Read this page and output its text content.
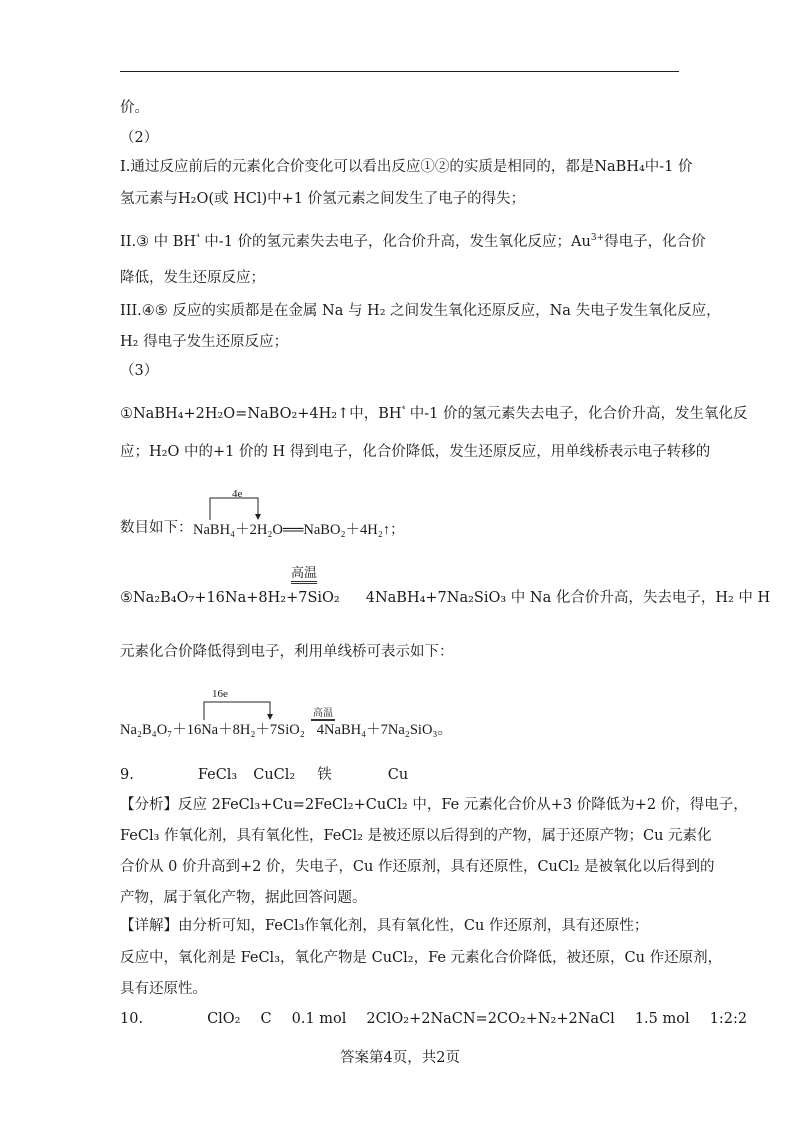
价。
（2）
I.通过反应前后的元素化合价变化可以看出反应①②的实质是相同的，都是NaBH₄中-1 价
氢元素与H₂O(或 HCl)中+1 价氢元素之间发生了电子的得失；
II.③ 中 $BH^{^4}$ 中-1 价的氢元素失去电子，化合价升高，发生氧化反应；$Au^{3+}$得电子，化合价
降低，发生还原反应；
III.④⑤ 反应的实质都是在金属 Na 与 H₂ 之间发生氧化还原反应，Na 失电子发生氧化反应，
H₂ 得电子发生还原反应；
（3）
①NaBH₄+2H₂O=NaBO₂+4H₂↑中，$BH^{^4}$ 中-1 价的氢元素失去电子，化合价升高，发生氧化反
应；H₂O 中的+1 价的 H 得到电子，化合价降低，发生还原反应，用单线桥表示电子转移的
数目如下：
4e
NaBH₄＋2H₂O══NaBO₂＋4H₂↑；
高温
⑤Na₂B₄O₇+16Na+8H₂+7SiO₂ 4NaBH₄+7Na₂SiO₃ 中 Na 化合价升高，失去电子，H₂ 中 H
元素化合价降低得到电子，利用单线桥可表示如下：
16e
高温
Na₂B₄O₇＋16Na＋8H₂＋7SiO₂ 4NaBH₄＋7Na₂SiO₃。
9.	FeCl₃ CuCl₂ 铁	Cu
【分析】反应 2FeCl₃+Cu=2FeCl₂+CuCl₂ 中，Fe 元素化合价从+3 价降低为+2 价，得电子，
FeCl₃ 作氧化剂，具有氧化性，FeCl₂ 是被还原以后得到的产物，属于还原产物；Cu 元素化
合价从 0 价升高到+2 价，失电子，Cu 作还原剂，具有还原性，CuCl₂ 是被氧化以后得到的
产物，属于氧化产物，据此回答问题。
【详解】由分析可知，FeCl₃作氧化剂，具有氧化性，Cu 作还原剂，具有还原性；
反应中，氧化剂是 FeCl₃，氧化产物是 CuCl₂，Fe 元素化合价降低，被还原，Cu 作还原剂，
具有还原性。
10.	ClO₂ C 0.1 mol 2ClO₂+2NaCN=2CO₂+N₂+2NaCl 1.5 mol 1:2:2
答案第4页，共2页
